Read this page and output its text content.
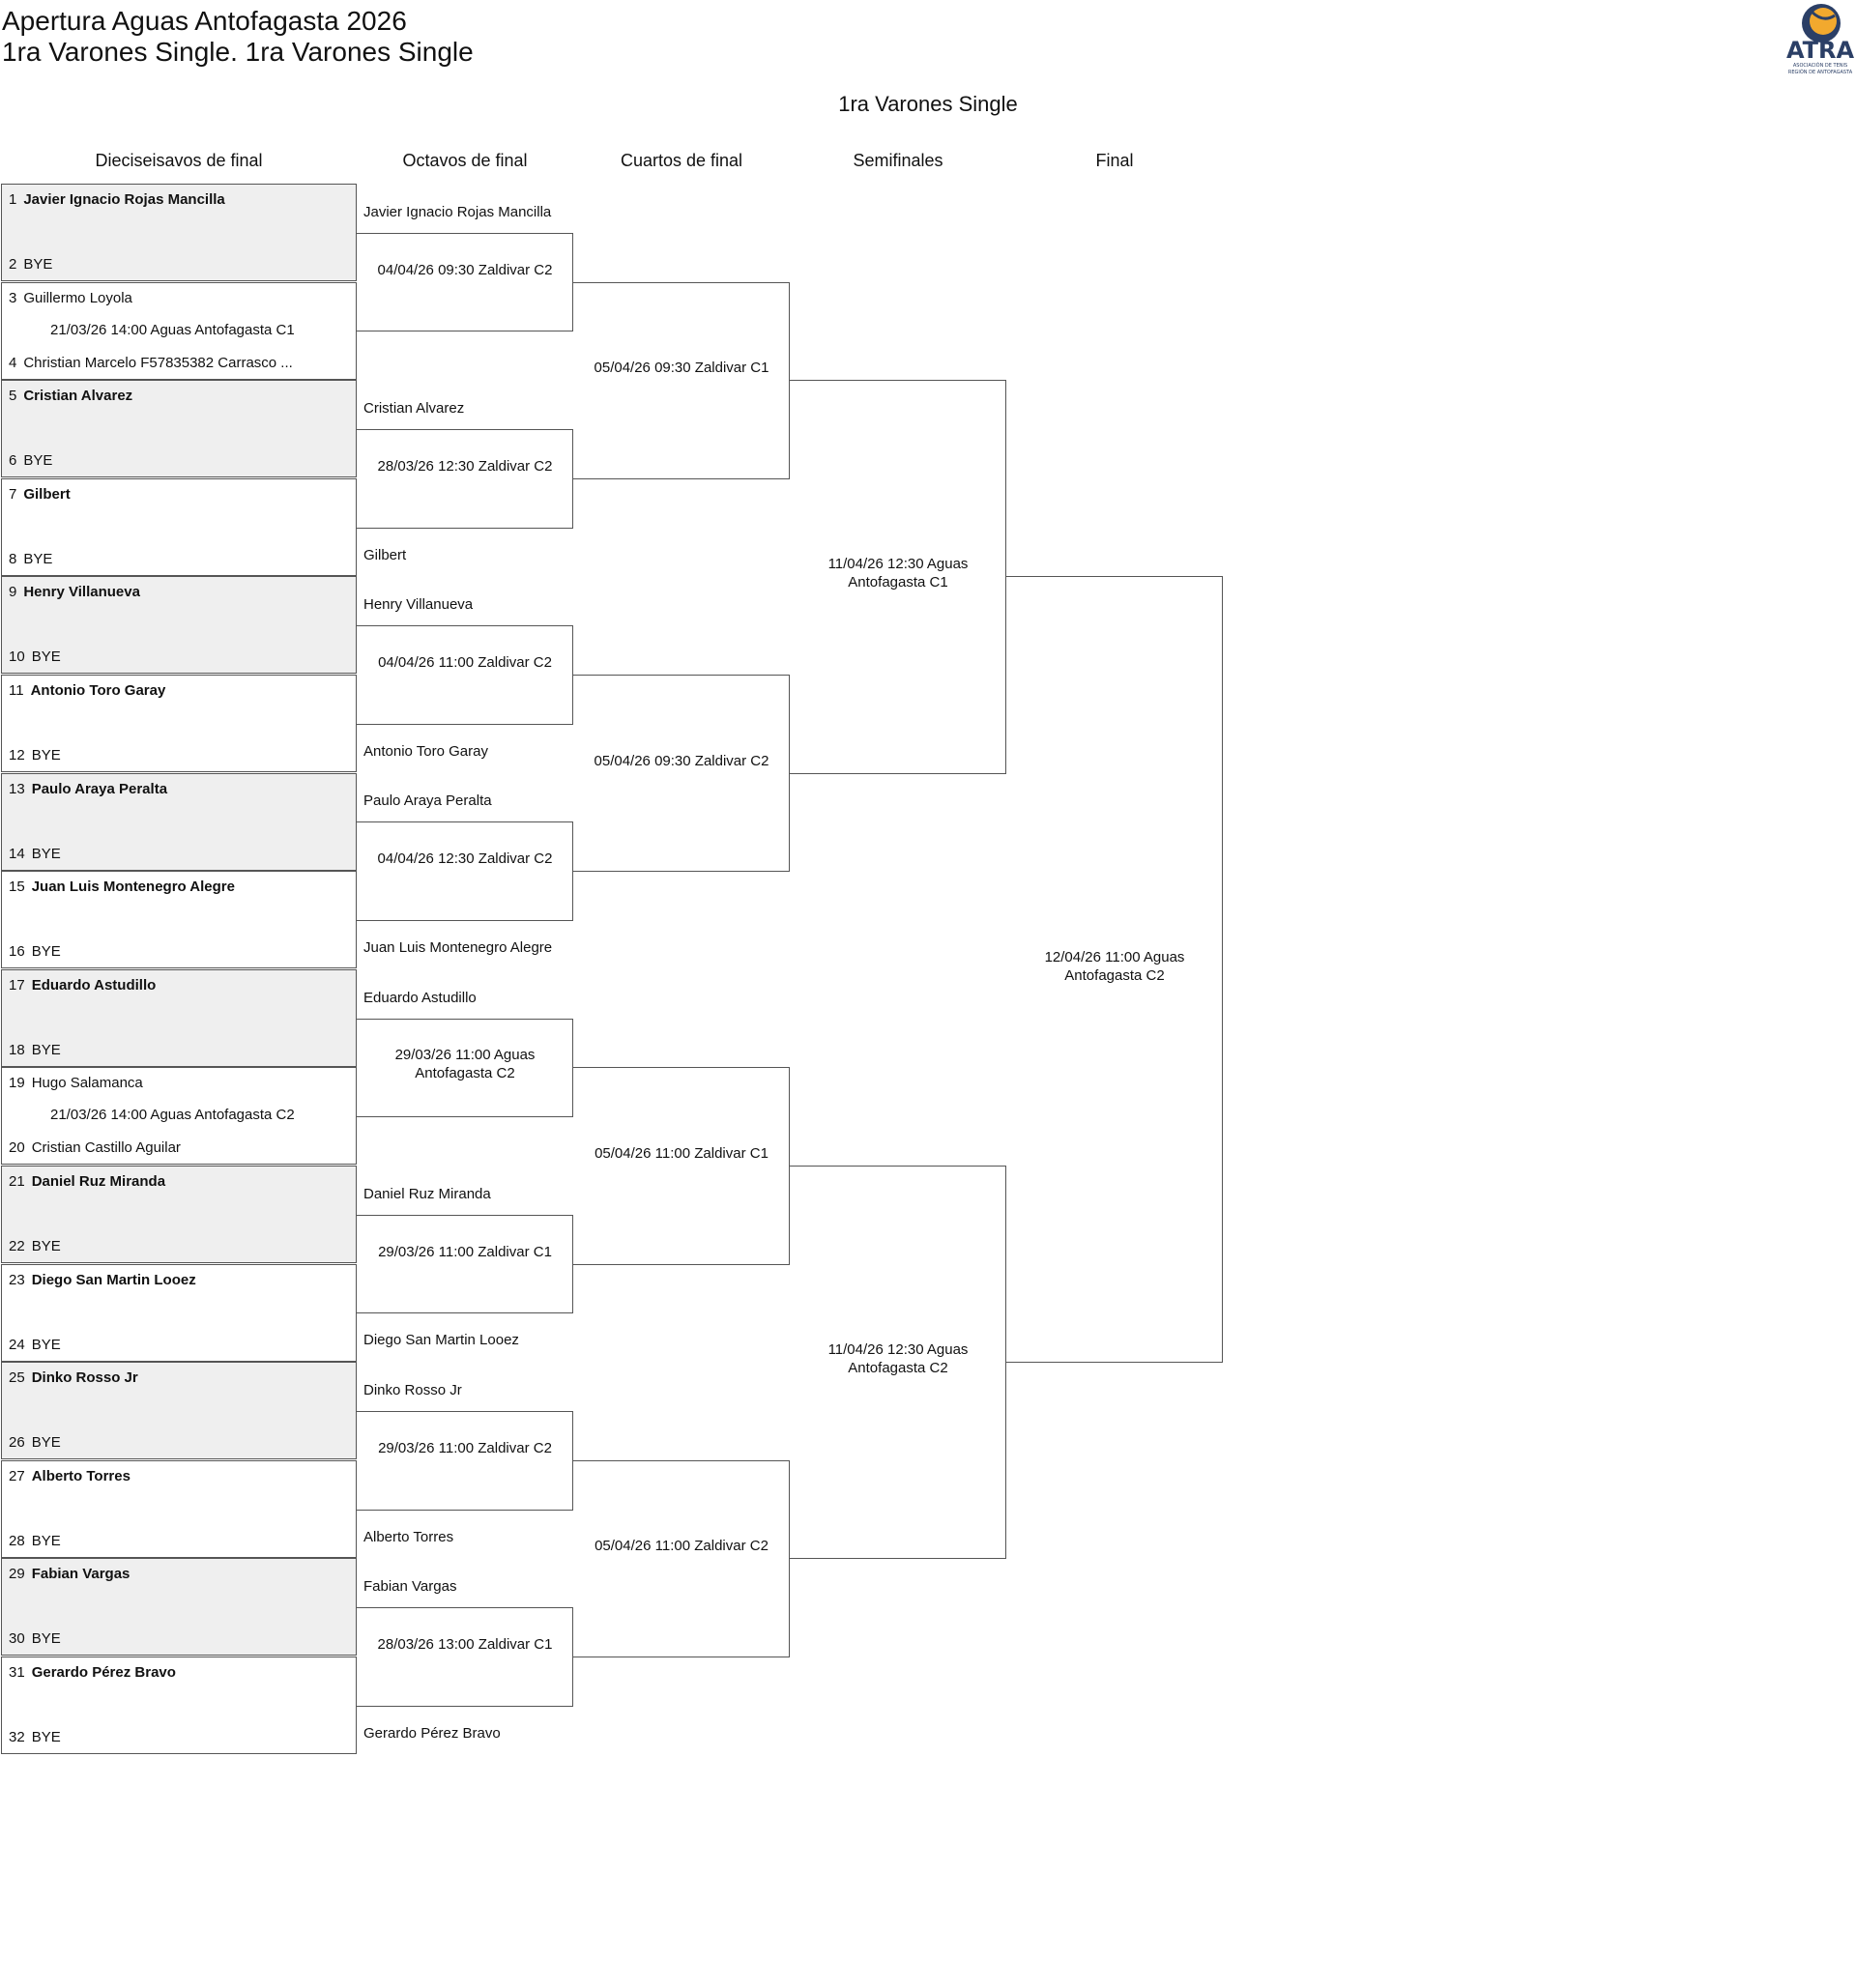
Apertura Aguas Antofagasta 2026
1ra Varones Single. 1ra Varones Single	ATRA
ASOCIACIÓN DE TENIS
REGIÓN DE ANTOFAGASTA
1ra Varones Single
Dieciseisavos de final	Octavos de final	Cuartos de final	Semifinales	Final
1 Javier Ignacio Rojas Mancilla
2 BYE
3 Guillermo Loyola
4 Christian Marcelo F57835382 Carrasco ...
21/03/26 14:00 Aguas Antofagasta C1
5 Cristian Alvarez
6 BYE
7 Gilbert
8 BYE
9 Henry Villanueva
10 BYE
11 Antonio Toro Garay
12 BYE
13 Paulo Araya Peralta
14 BYE
15 Juan Luis Montenegro Alegre
16 BYE
17 Eduardo Astudillo
18 BYE
19 Hugo Salamanca
20 Cristian Castillo Aguilar
21/03/26 14:00 Aguas Antofagasta C2
21 Daniel Ruz Miranda
22 BYE
23 Diego San Martin Looez
24 BYE
25 Dinko Rosso Jr
26 BYE
27 Alberto Torres
28 BYE
29 Fabian Vargas
30 BYE
31 Gerardo Pérez Bravo
32 BYE
04/04/26 09:30 Zaldivar C2
Javier Ignacio Rojas Mancilla
28/03/26 12:30 Zaldivar C2
Cristian Alvarez
Gilbert
04/04/26 11:00 Zaldivar C2
Henry Villanueva
Antonio Toro Garay
04/04/26 12:30 Zaldivar C2
Paulo Araya Peralta
Juan Luis Montenegro Alegre
29/03/26 11:00 Aguas Antofagasta C2
Eduardo Astudillo
29/03/26 11:00 Zaldivar C1
Daniel Ruz Miranda
Diego San Martin Looez
29/03/26 11:00 Zaldivar C2
Dinko Rosso Jr
Alberto Torres
28/03/26 13:00 Zaldivar C1
Fabian Vargas
Gerardo Pérez Bravo
05/04/26 09:30 Zaldivar C1
05/04/26 09:30 Zaldivar C2
05/04/26 11:00 Zaldivar C1
05/04/26 11:00 Zaldivar C2
11/04/26 12:30 Aguas Antofagasta C1
11/04/26 12:30 Aguas Antofagasta C2
12/04/26 11:00 Aguas Antofagasta C2
